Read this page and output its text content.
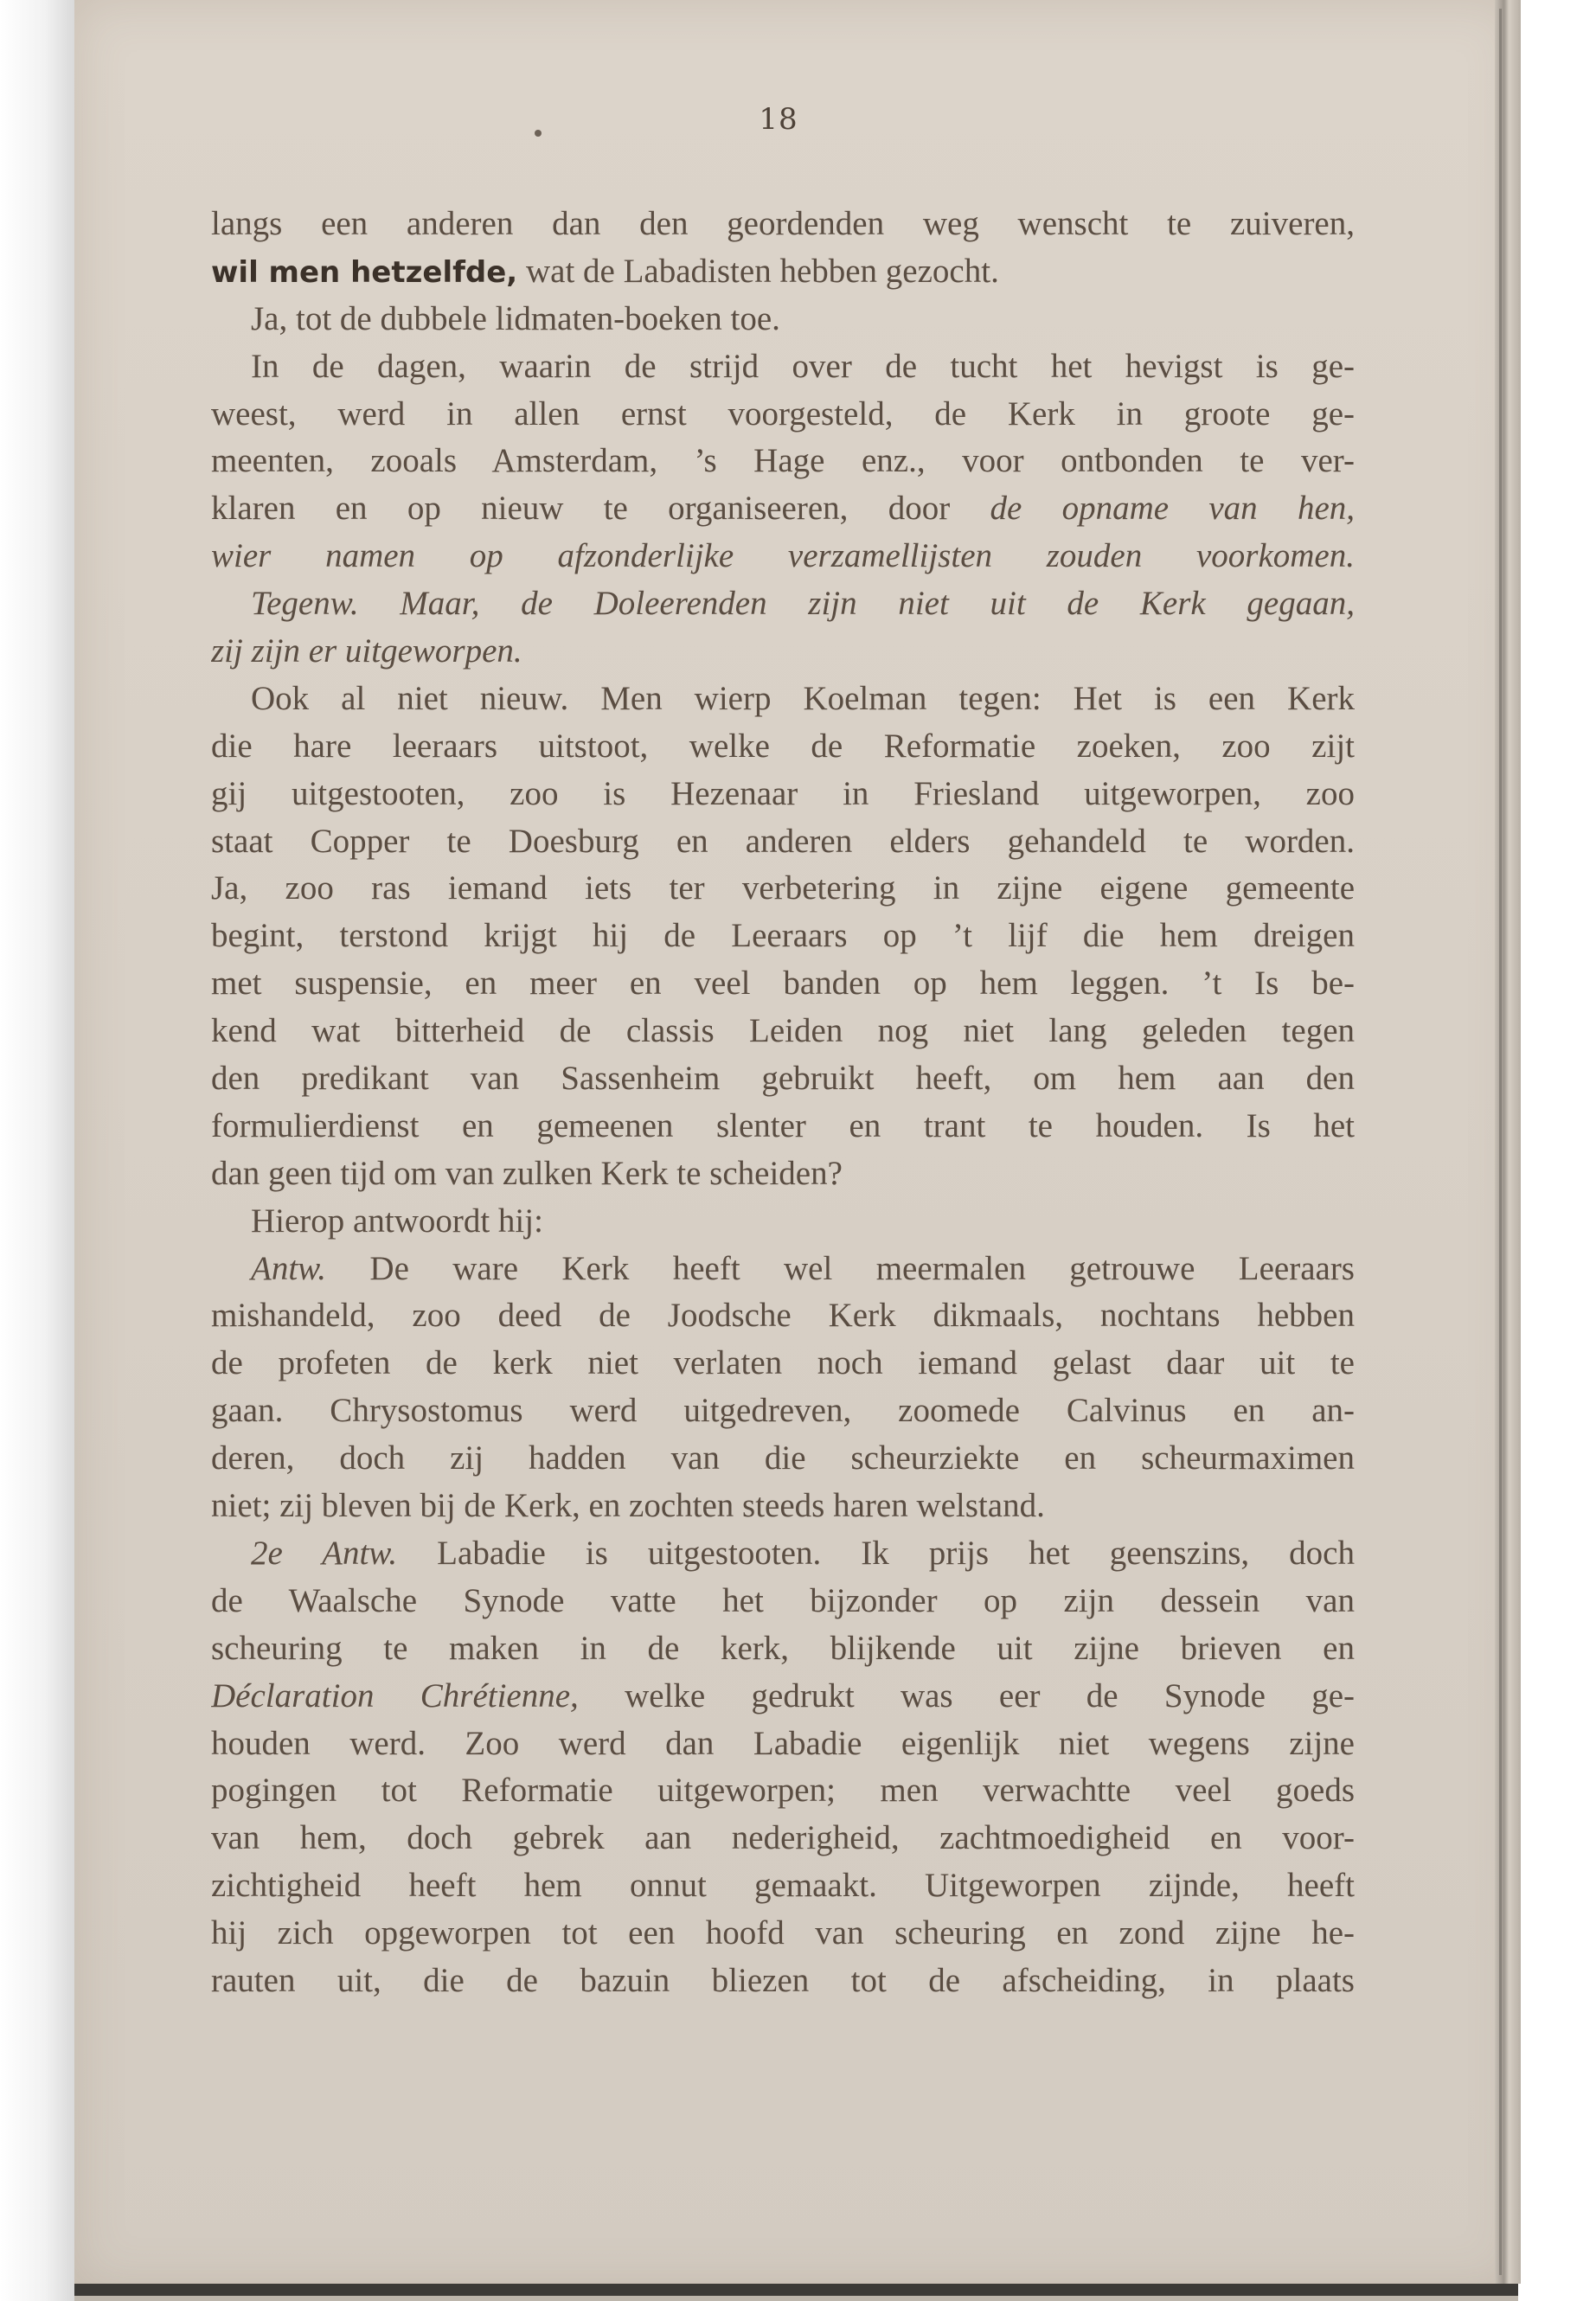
18
langs een anderen dan den geordenden weg wenscht te zuiveren,
wil men hetzelfde, wat de Labadisten hebben gezocht.
Ja, tot de dubbele lidmaten-boeken toe.
In de dagen, waarin de strijd over de tucht het hevigst is ge-
weest, werd in allen ernst voorgesteld, de Kerk in groote ge-
meenten, zooals Amsterdam, ’s Hage enz., voor ontbonden te ver-
klaren en op nieuw te organiseeren, door de opname van hen,
wier namen op afzonderlijke verzamellijsten zouden voorkomen.
Tegenw. Maar, de Doleerenden zijn niet uit de Kerk gegaan,
zij zijn er uitgeworpen.
Ook al niet nieuw. Men wierp Koelman tegen: Het is een Kerk
die hare leeraars uitstoot, welke de Reformatie zoeken, zoo zijt
gij uitgestooten, zoo is Hezenaar in Friesland uitgeworpen, zoo
staat Copper te Doesburg en anderen elders gehandeld te worden.
Ja, zoo ras iemand iets ter verbetering in zijne eigene gemeente
begint, terstond krijgt hij de Leeraars op ’t lijf die hem dreigen
met suspensie, en meer en veel banden op hem leggen. ’t Is be-
kend wat bitterheid de classis Leiden nog niet lang geleden tegen
den predikant van Sassenheim gebruikt heeft, om hem aan den
formulierdienst en gemeenen slenter en trant te houden. Is het
dan geen tijd om van zulken Kerk te scheiden?
Hierop antwoordt hij:
Antw. De ware Kerk heeft wel meermalen getrouwe Leeraars
mishandeld, zoo deed de Joodsche Kerk dikmaals, nochtans hebben
de profeten de kerk niet verlaten noch iemand gelast daar uit te
gaan. Chrysostomus werd uitgedreven, zoomede Calvinus en an-
deren, doch zij hadden van die scheurziekte en scheurmaximen
niet; zij bleven bij de Kerk, en zochten steeds haren welstand.
2e Antw. Labadie is uitgestooten. Ik prijs het geenszins, doch
de Waalsche Synode vatte het bijzonder op zijn dessein van
scheuring te maken in de kerk, blijkende uit zijne brieven en
Déclaration Chrétienne, welke gedrukt was eer de Synode ge-
houden werd. Zoo werd dan Labadie eigenlijk niet wegens zijne
pogingen tot Reformatie uitgeworpen; men verwachtte veel goeds
van hem, doch gebrek aan nederigheid, zachtmoedigheid en voor-
zichtigheid heeft hem onnut gemaakt. Uitgeworpen zijnde, heeft
hij zich opgeworpen tot een hoofd van scheuring en zond zijne he-
rauten uit, die de bazuin bliezen tot de afscheiding, in plaats
